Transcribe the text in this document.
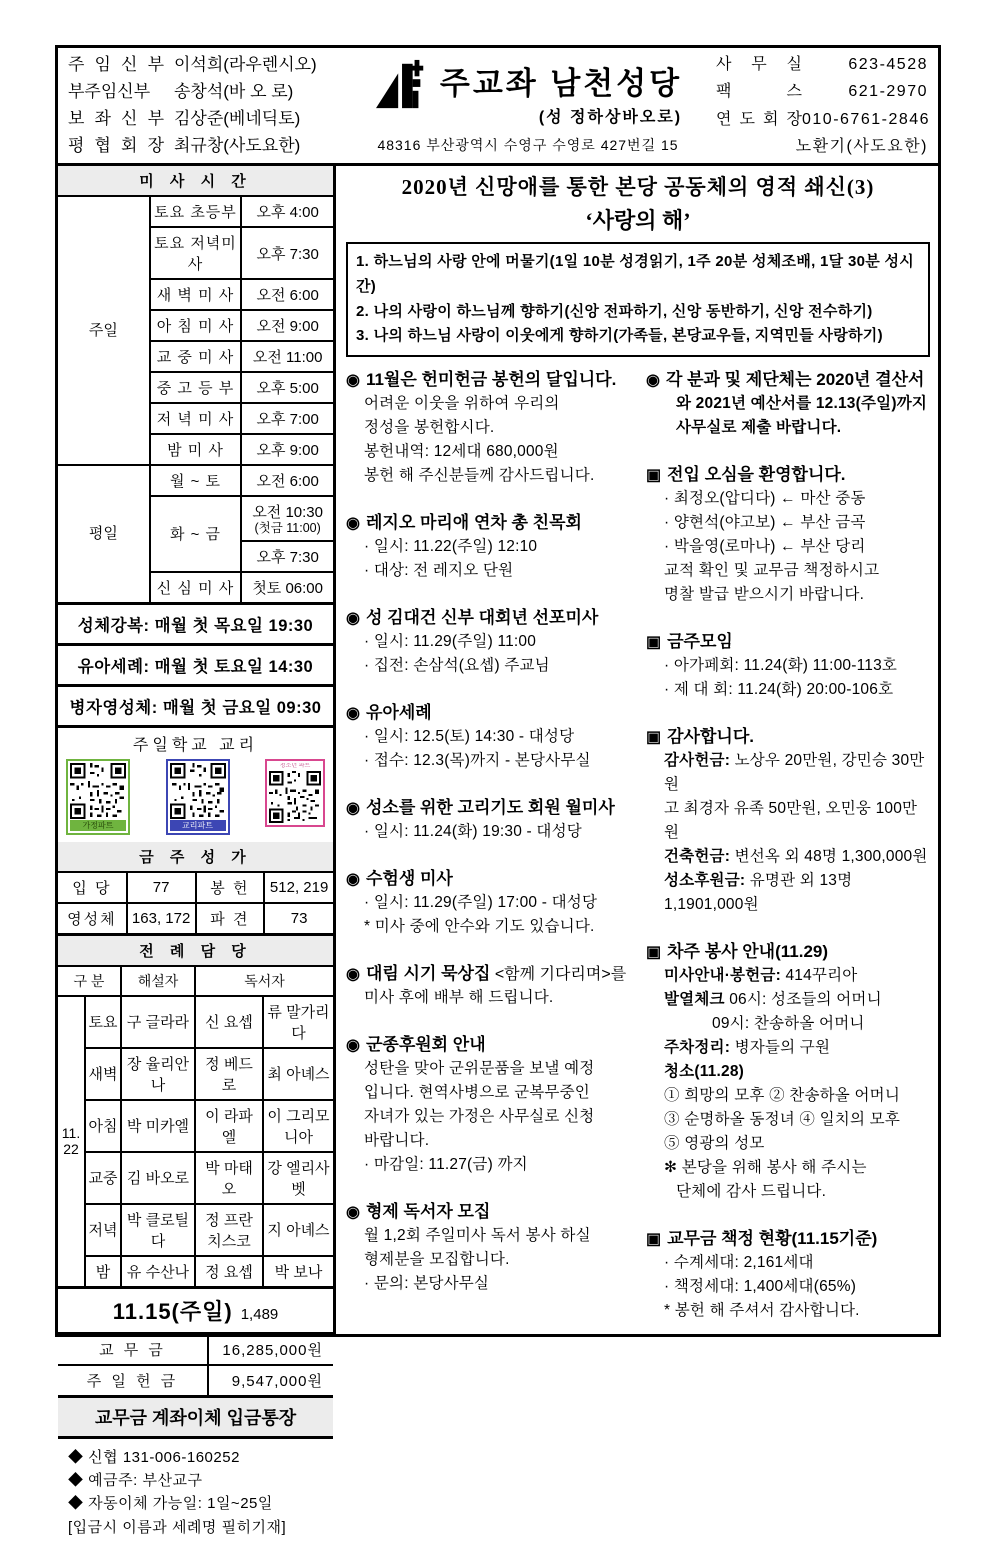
주 임 신 부 이석희(라우렌시오)
부주임신부	송창석(바 오 로)
보 좌 신 부 김상준(베네딕토)
평 협 회 장 최규창(사도요한)
주교좌 남천성당
(성 정하상바오로)
48316 부산광역시 수영구 수영로 427번길 15
사 무 실	623-4528
팩 스	621-2970
연 도 회 장 010-6761-2846
노환기(사도요한)
미 사 시 간		
주일	토요 초등부	오후 4:00
	토요 저녁미사	오후 7:30
	새 벽 미 사	오전 6:00
	아 침 미 사	오전 9:00
	교 중 미 사	오전 11:00
	중 고 등 부	오후 5:00
	저 녁 미 사	오후 7:00
	밤 미 사	오후 9:00
평일	월 ~ 토	오전 6:00
	화 ~ 금	오전 10:30
(첫금 11:00)

		오후 7:30
	신 심 미 사	첫토 06:00
성체강복: 매월 첫 목요일 19:30
유아세례: 매월 첫 토요일 14:30
병자영성체: 매월 첫 금요일 09:30
주일학교 교리
가정파트	교리파트
청소년 파트
금 주 성 가			
입 당	77	봉 헌	512, 219
영성체	163, 172	파 견	73
전 례 담 당				
구 분		해설자	독서자	
11.22	토요	구 글라라	신 요셉	류 말가리다
	새벽	장 율리안나	정 베드로	최 아녜스
	아침	박 미카엘	이 라파엘	이 그리모니아
	교중	김 바오로	박 마태오	강 엘리사벳
	저녁	박 클로틸다	정 프란치스코	지 아녜스
	밤	유 수산나	정 요셉	박 보나
11.15(주일) 1,489
교 무 금	16,285,000원
주 일 헌 금	9,547,000원
교무금 계좌이체 입금통장
◆ 신협 131-006-160252
◆ 예금주: 부산교구
◆ 자동이체 가능일: 1일~25일
[입금시 이름과 세례명 필히기재]
2020년 신망애를 통한 본당 공동체의 영적 쇄신(3)
‘사랑의 해’
1. 하느님의 사랑 안에 머물기(1일 10분 성경읽기, 1주 20분 성체조배, 1달 30분 성시간)
2. 나의 사랑이 하느님께 향하기(신앙 전파하기, 신앙 동반하기, 신앙 전수하기)
3. 나의 하느님 사랑이 이웃에게 향하기(가족들, 본당교우들, 지역민들 사랑하기)
◉ 11월은 헌미헌금 봉헌의 달입니다.
어려운 이웃을 위하여 우리의
정성을 봉헌합시다.
봉헌내역: 12세대 680,000원
봉헌 해 주신분들께 감사드립니다.
◉ 레지오 마리애 연차 총 친목회
· 일시: 11.22(주일) 12:10
· 대상: 전 레지오 단원
◉ 성 김대건 신부 대회년 선포미사
· 일시: 11.29(주일) 11:00
· 집전: 손삼석(요셉) 주교님
◉ 유아세례
· 일시: 12.5(토) 14:30 - 대성당
· 접수: 12.3(목)까지 - 본당사무실
◉ 성소를 위한 고리기도 회원 월미사
· 일시: 11.24(화) 19:30 - 대성당
◉ 수험생 미사
· 일시: 11.29(주일) 17:00 - 대성당
* 미사 중에 안수와 기도 있습니다.
◉ 대림 시기 묵상집 <함께 기다리며>를
미사 후에 배부 해 드립니다.
◉ 군종후원회 안내
성탄을 맞아 군위문품을 보낼 예정
입니다. 현역사병으로 군복무중인
자녀가 있는 가정은 사무실로 신청
바랍니다.
· 마감일: 11.27(금) 까지
◉ 형제 독서자 모집
월 1,2회 주일미사 독서 봉사 하실
형제분을 모집합니다.
· 문의: 본당사무실
◉ 각 분과 및 제단체는 2020년 결산서
와 2021년 예산서를 12.13(주일)까지
사무실로 제출 바랍니다.
▣ 전입 오심을 환영합니다.
· 최정오(압디다) ← 마산 중동
· 양현석(야고보) ← 부산 금곡
· 박을영(로마나) ← 부산 당리
교적 확인 및 교무금 책정하시고
명찰 발급 받으시기 바랍니다.
▣ 금주모임
· 아가페회: 11.24(화) 11:00-113호
· 제 대 회: 11.24(화) 20:00-106호
▣ 감사합니다.
감사헌금: 노상우 20만원, 강민승 30만원
고 최경자 유족 50만원, 오민웅 100만원
건축헌금: 변선옥 외 48명 1,300,000원
성소후원금: 유명관 외 13명 1,1901,000원
▣ 차주 봉사 안내(11.29)
미사안내·봉헌금: 414꾸리아
발열체크 06시: 성조들의 어머니
09시: 찬송하올 어머니
주차정리: 병자들의 구원
청소(11.28)
① 희망의 모후 ② 찬송하올 어머니
③ 순명하올 동정녀 ④ 일치의 모후
⑤ 영광의 성모
✻ 본당을 위해 봉사 해 주시는
단체에 감사 드립니다.
▣ 교무금 책정 현황(11.15기준)
· 수계세대: 2,161세대
· 책정세대: 1,400세대(65%)
* 봉헌 해 주셔서 감사합니다.
